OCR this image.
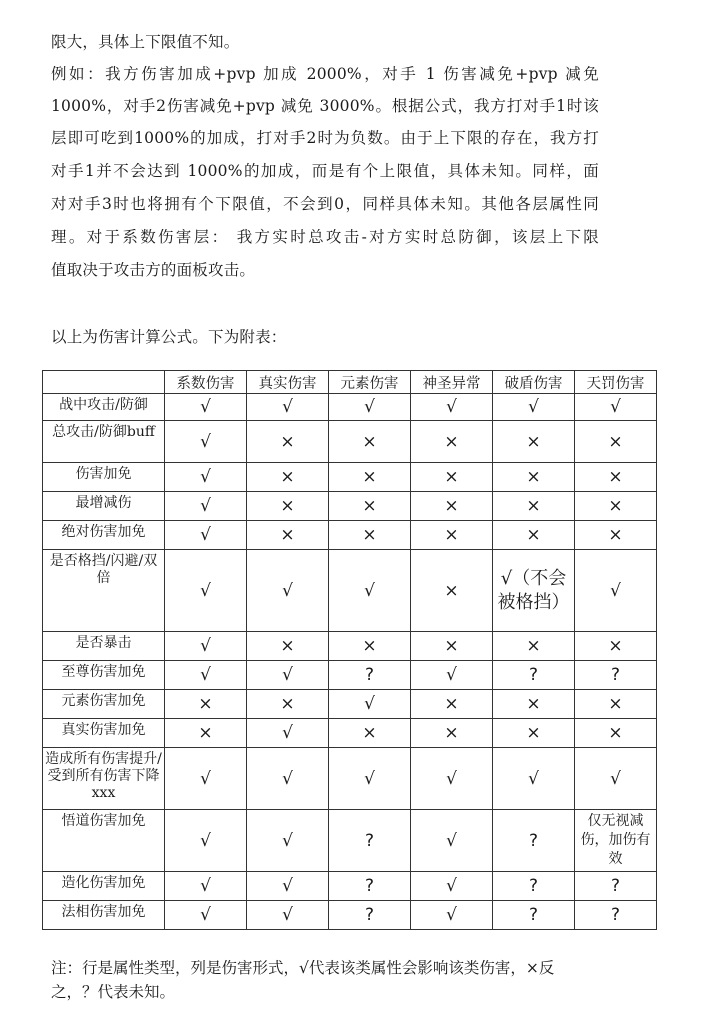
限大，具体上下限值不知。
例如：我方伤害加成+pvp 加成 2000%，对手 1 伤害减免+pvp 减免
1000%，对手2伤害减免+pvp 减免 3000%。根据公式，我方打对手1时该
层即可吃到1000%的加成，打对手2时为负数。由于上下限的存在，我方打
对手1并不会达到 1000%的加成，而是有个上限值，具体未知。同样，面
对对手3时也将拥有个下限值，不会到0，同样具体未知。其他各层属性同
理。对于系数伤害层： 我方实时总攻击-对方实时总防御，该层上下限
值取决于攻击方的面板攻击。
以上为伤害计算公式。下为附表：
	系数伤害	真实伤害	元素伤害	神圣异常	破盾伤害	天罚伤害
战中攻击/防御	√	√	√	√	√	√
总攻击/防御buff	√	×	×	×	×	×
伤害加免	√	×	×	×	×	×
最增减伤	√	×	×	×	×	×
绝对伤害加免	√	×	×	×	×	×
是否格挡/闪避/双倍	√	√	√	×	√（不会被格挡）	√
是否暴击	√	×	×	×	×	×
至尊伤害加免	√	√	?	√	?	?
元素伤害加免	×	×	√	×	×	×
真实伤害加免	×	√	×	×	×	×
造成所有伤害提升/受到所有伤害下降xxx	√	√	√	√	√	√
悟道伤害加免	√	√	?	√	?	仅无视减伤，加伤有效
造化伤害加免	√	√	?	√	?	?
法相伤害加免	√	√	?	√	?	?
注：行是属性类型，列是伤害形式，√代表该类属性会影响该类伤害，×反
之，？代表未知。
